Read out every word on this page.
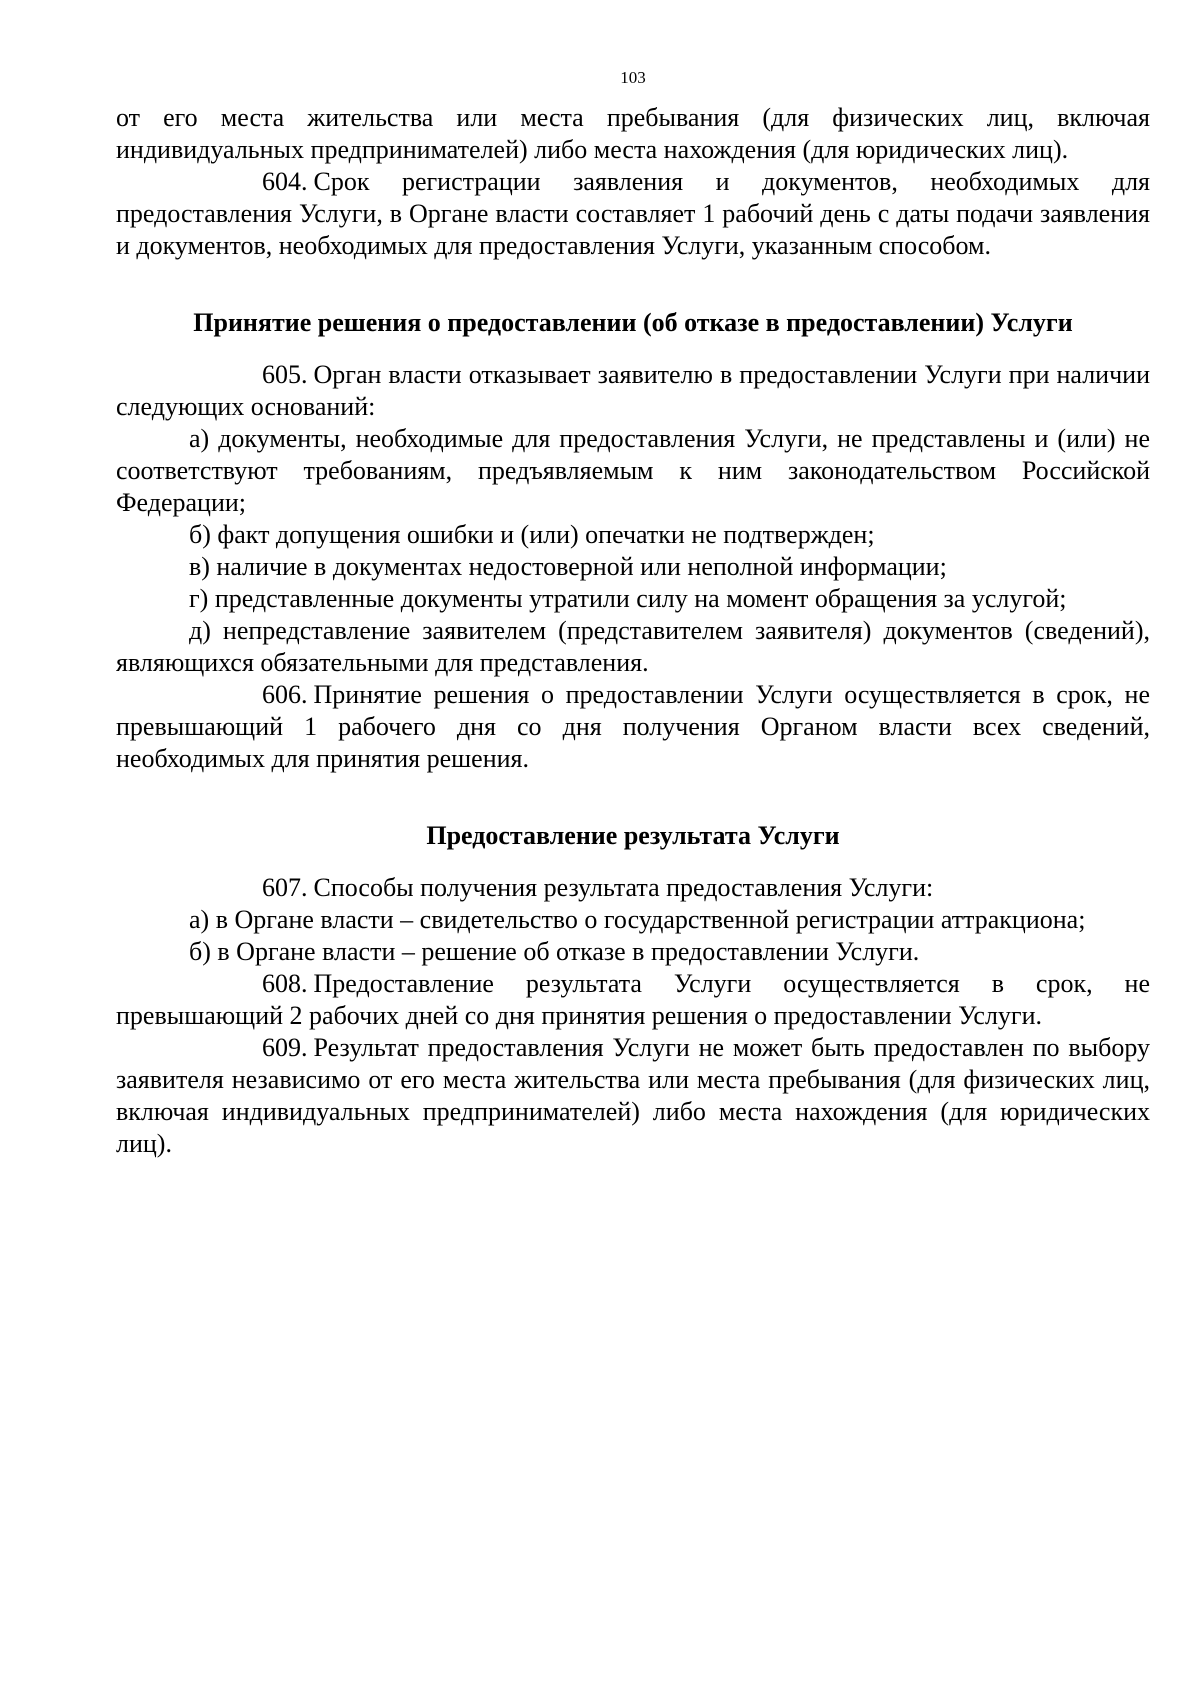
103

от его места жительства или места пребывания (для физических лиц, включая индивидуальных предпринимателей) либо места нахождения (для юридических лиц).

604. Срок регистрации заявления и документов, необходимых для предоставления Услуги, в Органе власти составляет 1 рабочий день с даты подачи заявления и документов, необходимых для предоставления Услуги, указанным способом.

Принятие решения о предоставлении (об отказе в предоставлении) Услуги

605. Орган власти отказывает заявителю в предоставлении Услуги при наличии следующих оснований:

а) документы, необходимые для предоставления Услуги, не представлены и (или) не соответствуют требованиям, предъявляемым к ним законодательством Российской Федерации;

б) факт допущения ошибки и (или) опечатки не подтвержден;

в) наличие в документах недостоверной или неполной информации;

г) представленные документы утратили силу на момент обращения за услугой;

д) непредставление заявителем (представителем заявителя) документов (сведений), являющихся обязательными для представления.

606. Принятие решения о предоставлении Услуги осуществляется в срок, не превышающий 1 рабочего дня со дня получения Органом власти всех сведений, необходимых для принятия решения.

Предоставление результата Услуги

607. Способы получения результата предоставления Услуги:

а) в Органе власти – свидетельство о государственной регистрации аттракциона;

б) в Органе власти – решение об отказе в предоставлении Услуги.

608. Предоставление результата Услуги осуществляется в срок, не превышающий 2 рабочих дней со дня принятия решения о предоставлении Услуги.

609. Результат предоставления Услуги не может быть предоставлен по выбору заявителя независимо от его места жительства или места пребывания (для физических лиц, включая индивидуальных предпринимателей) либо места нахождения (для юридических лиц).
